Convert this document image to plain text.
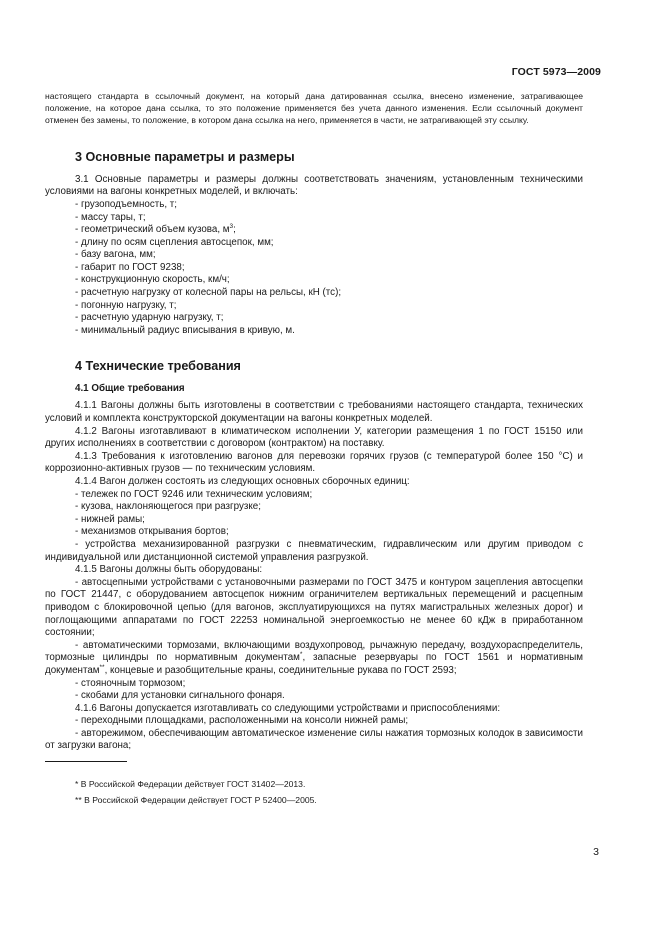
ГОСТ 5973—2009

настоящего стандарта в ссылочный документ, на который дана датированная ссылка, внесено изменение, затрагивающее положение, на которое дана ссылка, то это положение применяется без учета данного изменения. Если ссылочный документ отменен без замены, то положение, в котором дана ссылка на него, применяется в части, не затрагивающей эту ссылку.

3 Основные параметры и размеры

3.1 Основные параметры и размеры должны соответствовать значениям, установленным техническими условиями на вагоны конкретных моделей, и включать:

- грузоподъемность, т;

- массу тары, т;

- геометрический объем кузова, $м^3$;

- длину по осям сцепления автосцепок, мм;

- базу вагона, мм;

- габарит по ГОСТ 9238;

- конструкционную скорость, км/ч;

- расчетную нагрузку от колесной пары на рельсы, кН (тс);

- погонную нагрузку, т;

- расчетную ударную нагрузку, т;

- минимальный радиус вписывания в кривую, м.

4 Технические требования
4.1 Общие требования

4.1.1 Вагоны должны быть изготовлены в соответствии с требованиями настоящего стандарта, технических условий и комплекта конструкторской документации на вагоны конкретных моделей.

4.1.2 Вагоны изготавливают в климатическом исполнении У, категории размещения 1 по ГОСТ 15150 или других исполнениях в соответствии с договором (контрактом) на поставку.

4.1.3 Требования к изготовлению вагонов для перевозки горячих грузов (с температурой более 150 °С) и коррозионно-активных грузов — по техническим условиям.

4.1.4 Вагон должен состоять из следующих основных сборочных единиц:

- тележек по ГОСТ 9246 или техническим условиям;

- кузова, наклоняющегося при разгрузке;

- нижней рамы;

- механизмов открывания бортов;

- устройства механизированной разгрузки с пневматическим, гидравлическим или другим приводом с индивидуальной или дистанционной системой управления разгрузкой.

4.1.5 Вагоны должны быть оборудованы:

- автосцепными устройствами с установочными размерами по ГОСТ 3475 и контуром зацепления автосцепки по ГОСТ 21447, с оборудованием автосцепок нижним ограничителем вертикальных перемещений и расцепным приводом с блокировочной цепью (для вагонов, эксплуатирующихся на путях магистральных железных дорог) и поглощающими аппаратами по ГОСТ 22253 номинальной энергоемкостью не менее 60 кДж в приработанном состоянии;

- автоматическими тормозами, включающими воздухопровод, рычажную передачу, воздухораспределитель, тормозные цилиндры по нормативным документам*, запасные резервуары по ГОСТ 1561 и нормативным документам**, концевые и разобщительные краны, соединительные рукава по ГОСТ 2593;

- стояночным тормозом;

- скобами для установки сигнального фонаря.

4.1.6 Вагоны допускается изготавливать со следующими устройствами и приспособлениями:

- переходными площадками, расположенными на консоли нижней рамы;

- авторежимом, обеспечивающим автоматическое изменение силы нажатия тормозных колодок в зависимости от загрузки вагона;

* В Российской Федерации действует ГОСТ 31402—2013.

** В Российской Федерации действует ГОСТ Р 52400—2005.

3
